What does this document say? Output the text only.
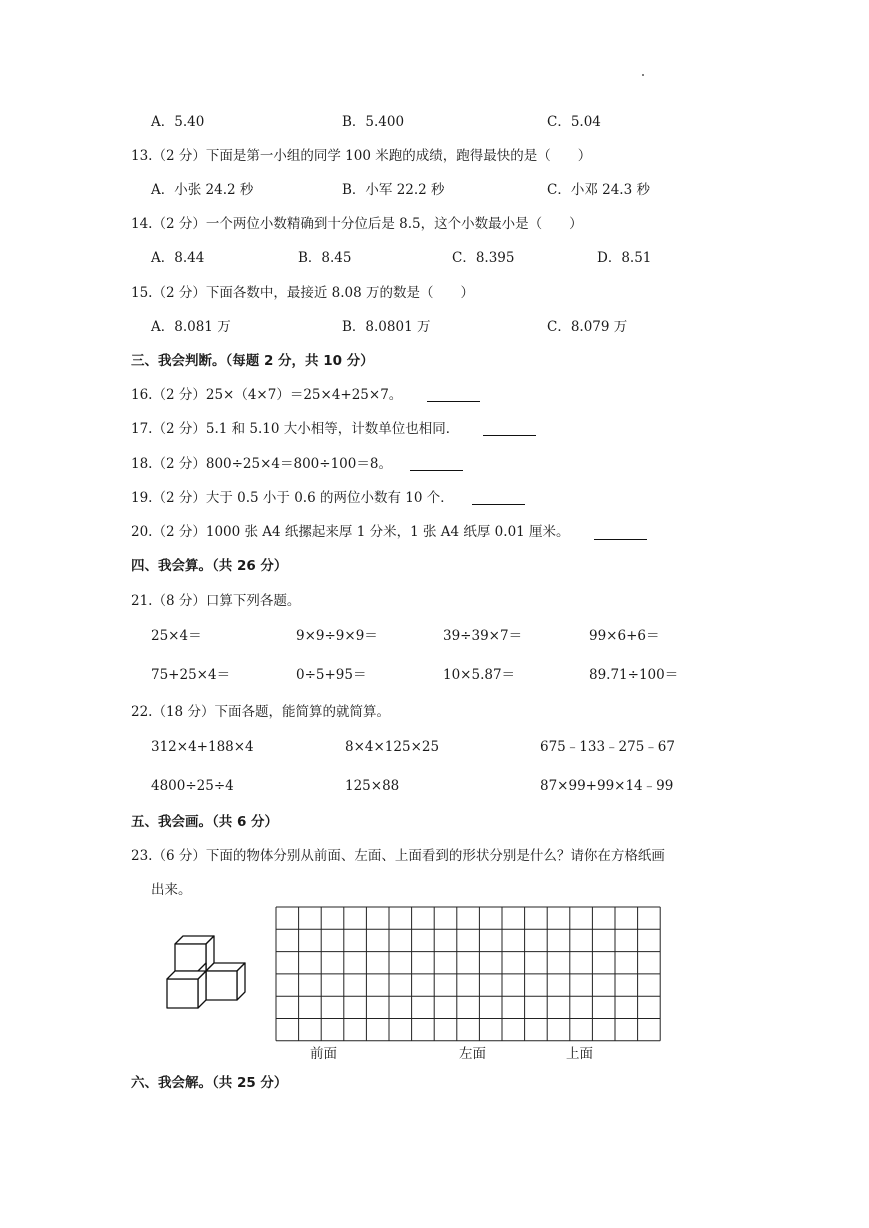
A．5.40	B．5.400	C．5.04
13.（2 分）下面是第一小组的同学 100 米跑的成绩，跑得最快的是（　　）
A．小张 24.2 秒	B．小军 22.2 秒	C．小邓 24.3 秒
14.（2 分）一个两位小数精确到十分位后是 8.5，这个小数最小是（　　）
A．8.44	B．8.45	C．8.395	D．8.51
15.（2 分）下面各数中，最接近 8.08 万的数是（　　）
A．8.081 万	B．8.0801 万	C．8.079 万
三、我会判断。（每题 2 分，共 10 分）
16.（2 分）25×（4×7）＝25×4+25×7。
17.（2 分）5.1 和 5.10 大小相等，计数单位也相同．
18.（2 分）800÷25×4＝800÷100＝8。
19.（2 分）大于 0.5 小于 0.6 的两位小数有 10 个．
20.（2 分）1000 张 A4 纸摞起来厚 1 分米，1 张 A4 纸厚 0.01 厘米。
四、我会算。（共 26 分）
21.（8 分）口算下列各题。
25×4＝	9×9÷9×9＝	39÷39×7＝	99×6+6＝
75+25×4＝	0÷5+95＝	10×5.87＝	89.71÷100＝
22.（18 分）下面各题，能简算的就简算。
312×4+188×4	8×4×125×25	675﹣133﹣275﹣67
4800÷25÷4	125×88	87×99+99×14﹣99
五、我会画。（共 6 分）
23.（6 分）下面的物体分别从前面、左面、上面看到的形状分别是什么？请你在方格纸画
出来。
前面	左面	上面
六、我会解。（共 25 分）
